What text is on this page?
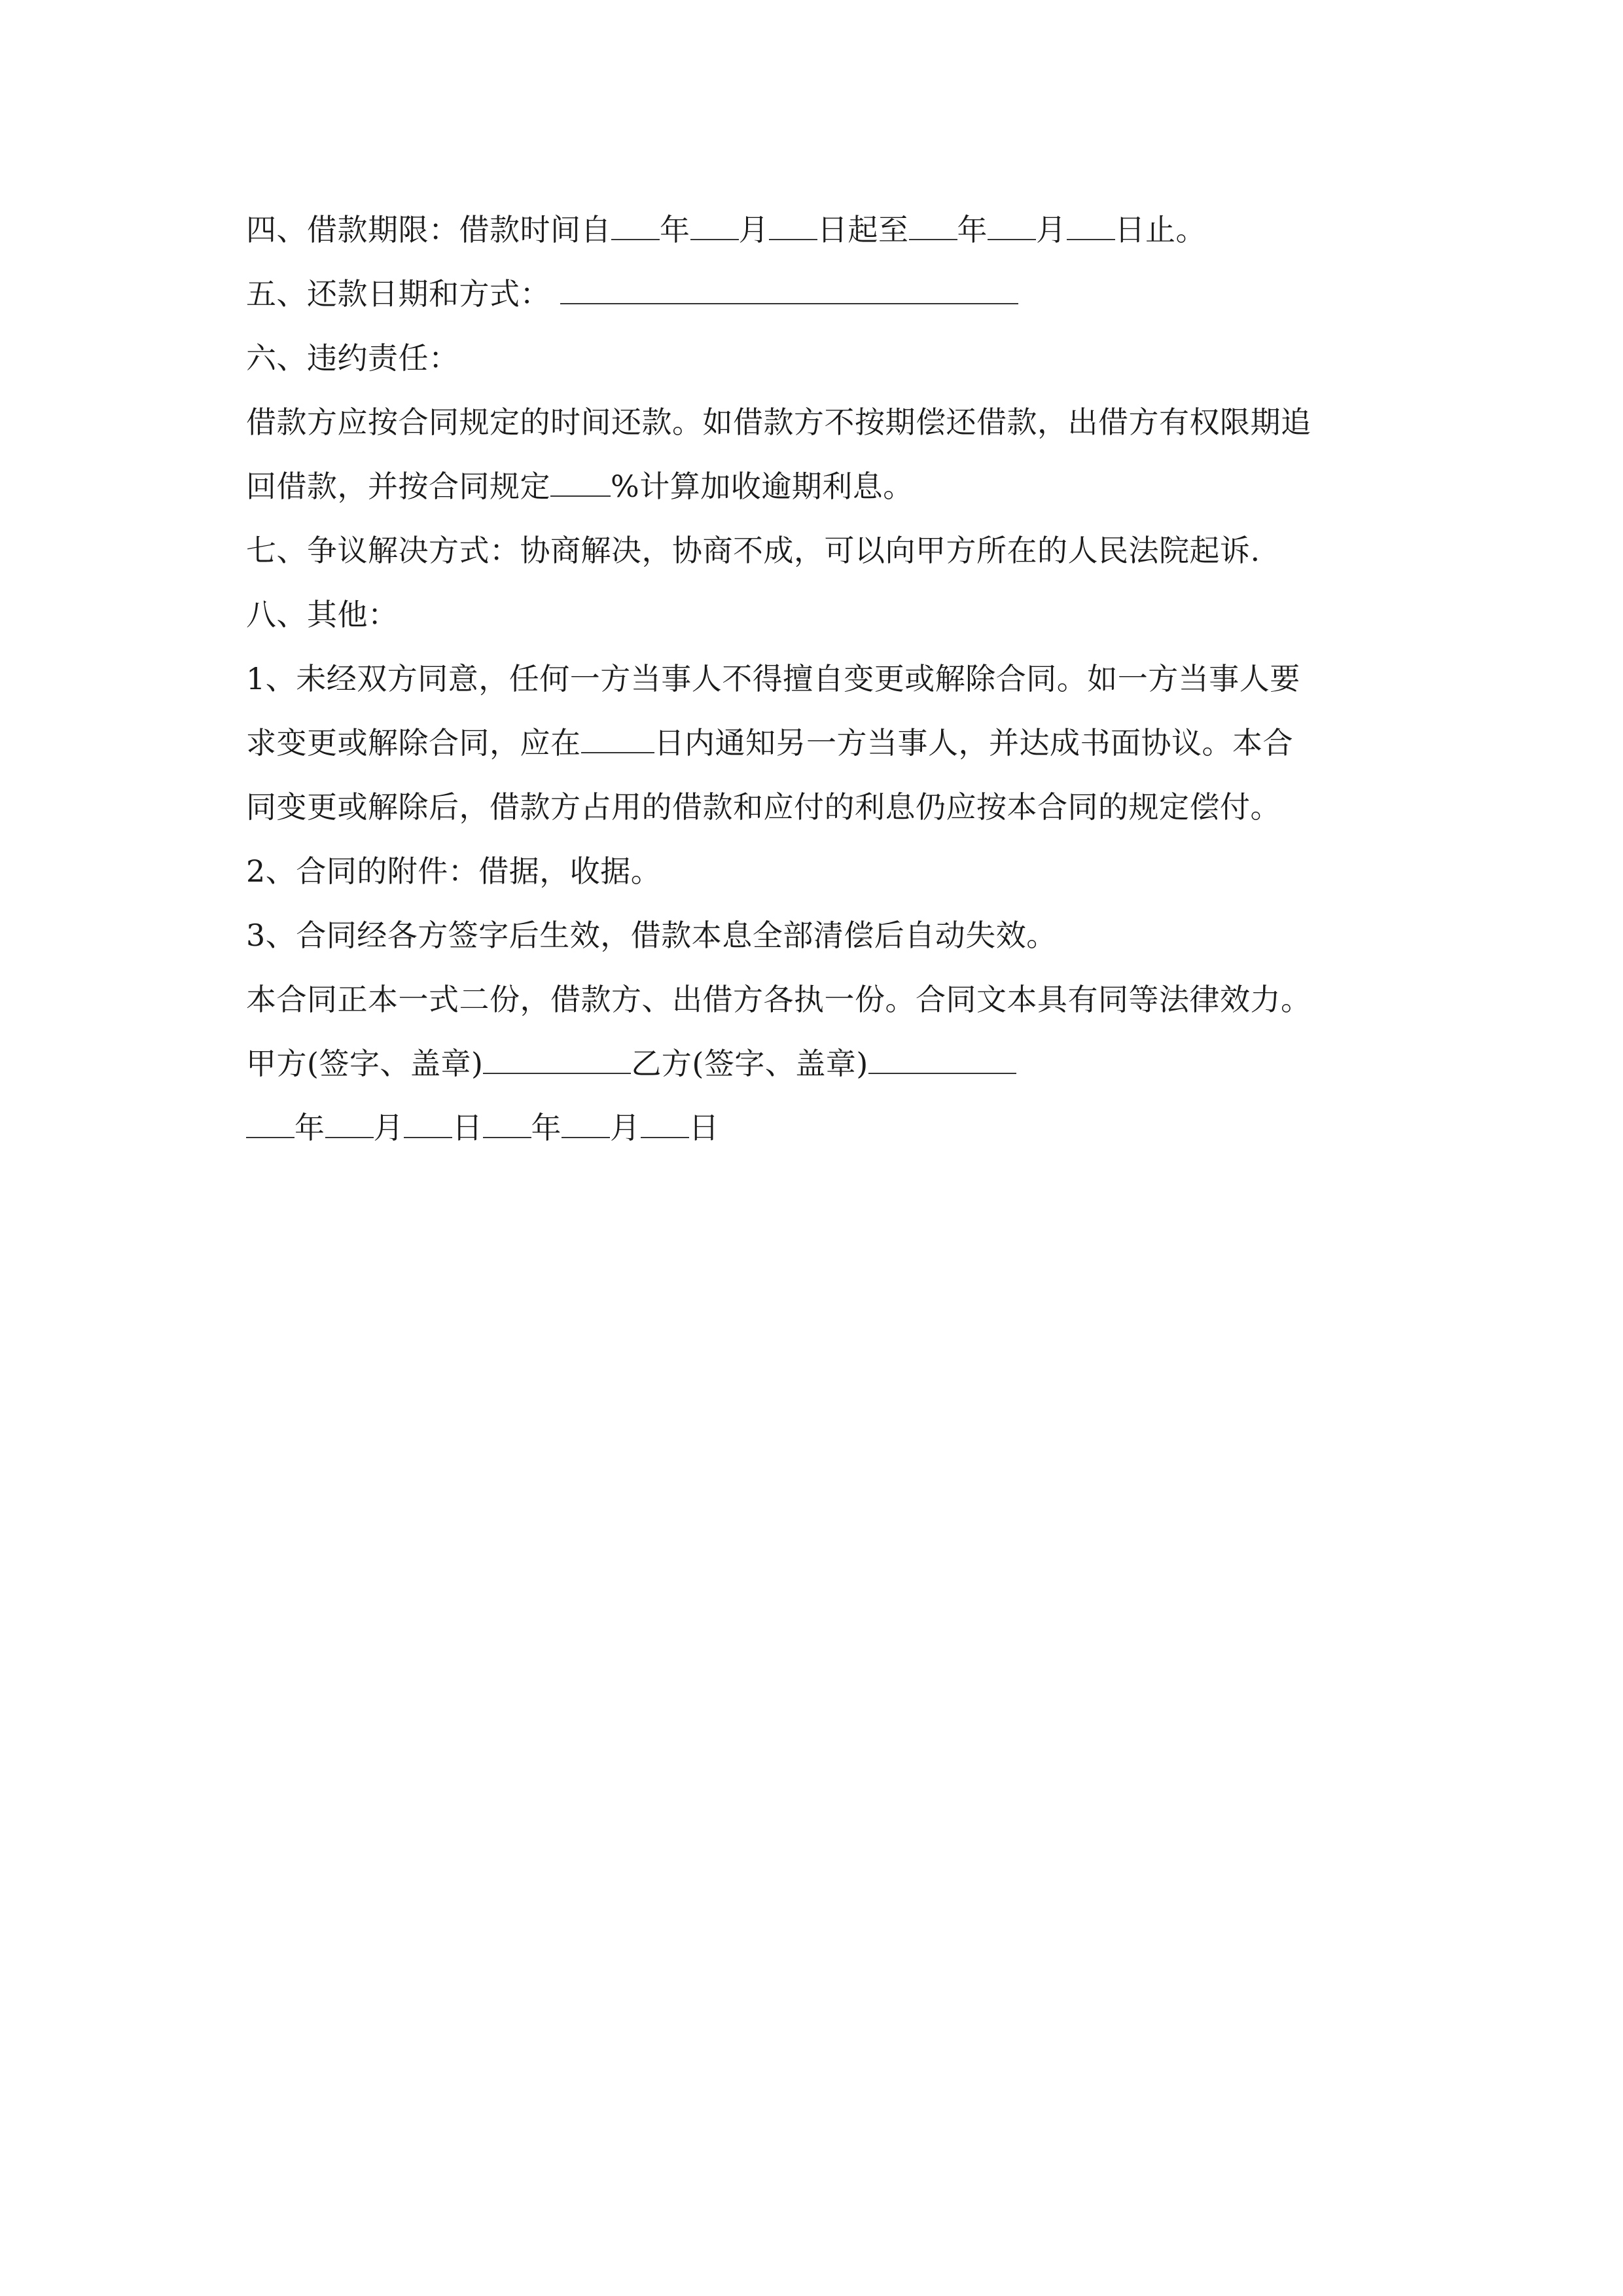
四、借款期限：借款时间自 年 月 日起至 年 月 日止。
五、还款日期和方式：
六、违约责任：
借款方应按合同规定的时间还款。如借款方不按期偿还借款，出借方有权限期追
回借款，并按合同规定 %计算加收逾期利息。
七、争议解决方式：协商解决，协商不成，可以向甲方所在的人民法院起诉.
八、其他：
1、未经双方同意，任何一方当事人不得擅自变更或解除合同。如一方当事人要
求变更或解除合同，应在 日内通知另一方当事人，并达成书面协议。本合
同变更或解除后，借款方占用的借款和应付的利息仍应按本合同的规定偿付。
2、合同的附件：借据，收据。
3、合同经各方签字后生效，借款本息全部清偿后自动失效。
本合同正本一式二份，借款方、出借方各执一份。合同文本具有同等法律效力。
甲方(签字、盖章)	乙方(签字、盖章)
年 月 日 年 月 日
